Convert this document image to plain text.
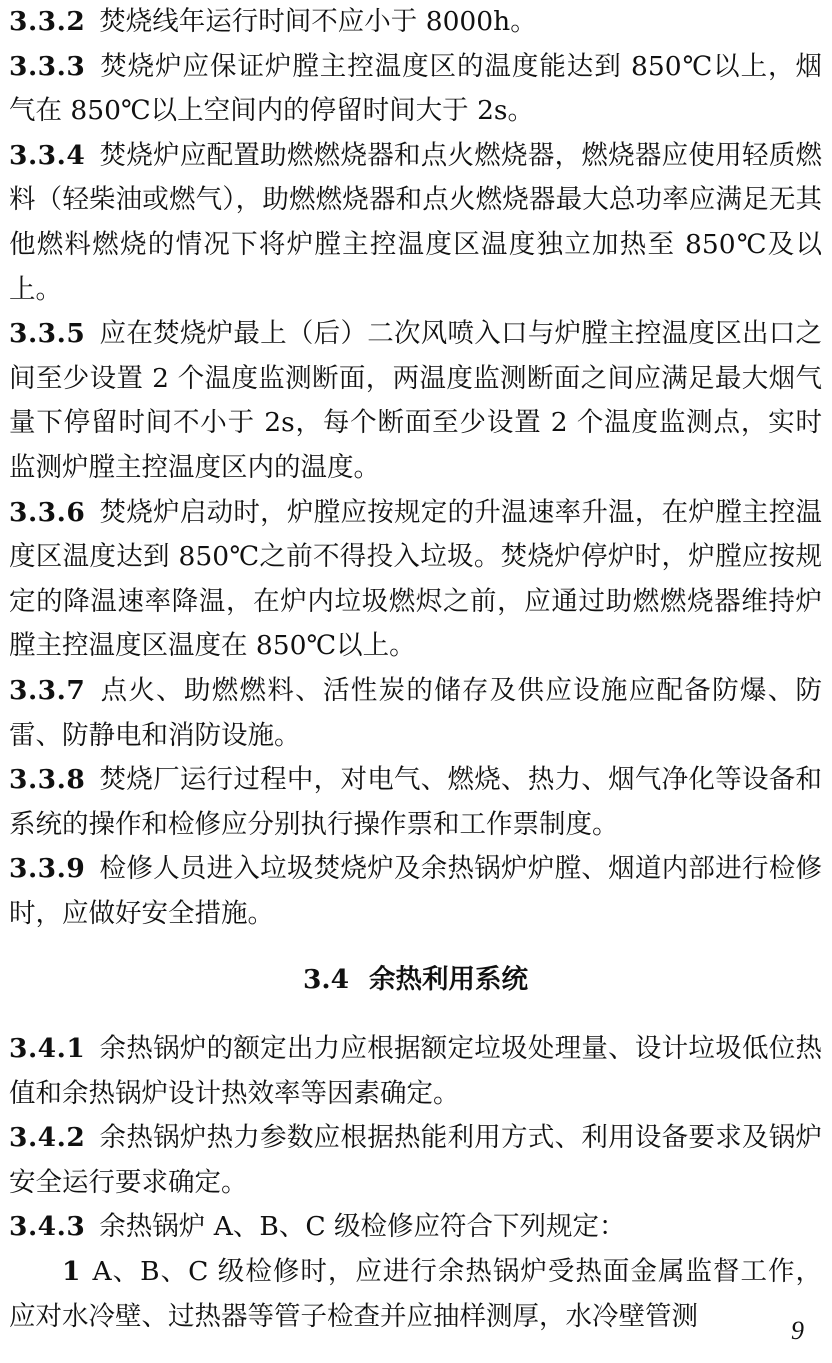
3.3.2 焚烧线年运行时间不应小于 8000h。

3.3.3 焚烧炉应保证炉膛主控温度区的温度能达到 850℃以上，烟气在 850℃以上空间内的停留时间大于 2s。

3.3.4 焚烧炉应配置助燃燃烧器和点火燃烧器，燃烧器应使用轻质燃料（轻柴油或燃气），助燃燃烧器和点火燃烧器最大总功率应满足无其他燃料燃烧的情况下将炉膛主控温度区温度独立加热至 850℃及以上。

3.3.5 应在焚烧炉最上（后）二次风喷入口与炉膛主控温度区出口之间至少设置 2 个温度监测断面，两温度监测断面之间应满足最大烟气量下停留时间不小于 2s，每个断面至少设置 2 个温度监测点，实时监测炉膛主控温度区内的温度。

3.3.6 焚烧炉启动时，炉膛应按规定的升温速率升温，在炉膛主控温度区温度达到 850℃之前不得投入垃圾。焚烧炉停炉时，炉膛应按规定的降温速率降温，在炉内垃圾燃烬之前，应通过助燃燃烧器维持炉膛主控温度区温度在 850℃以上。

3.3.7 点火、助燃燃料、活性炭的储存及供应设施应配备防爆、防雷、防静电和消防设施。

3.3.8 焚烧厂运行过程中，对电气、燃烧、热力、烟气净化等设备和系统的操作和检修应分别执行操作票和工作票制度。

3.3.9 检修人员进入垃圾焚烧炉及余热锅炉炉膛、烟道内部进行检修时，应做好安全措施。

3.4 余热利用系统

3.4.1 余热锅炉的额定出力应根据额定垃圾处理量、设计垃圾低位热值和余热锅炉设计热效率等因素确定。

3.4.2 余热锅炉热力参数应根据热能利用方式、利用设备要求及锅炉安全运行要求确定。

3.4.3 余热锅炉 A、B、C 级检修应符合下列规定：

1 A、B、C 级检修时，应进行余热锅炉受热面金属监督工作，应对水冷壁、过热器等管子检查并应抽样测厚，水冷壁管测	9
